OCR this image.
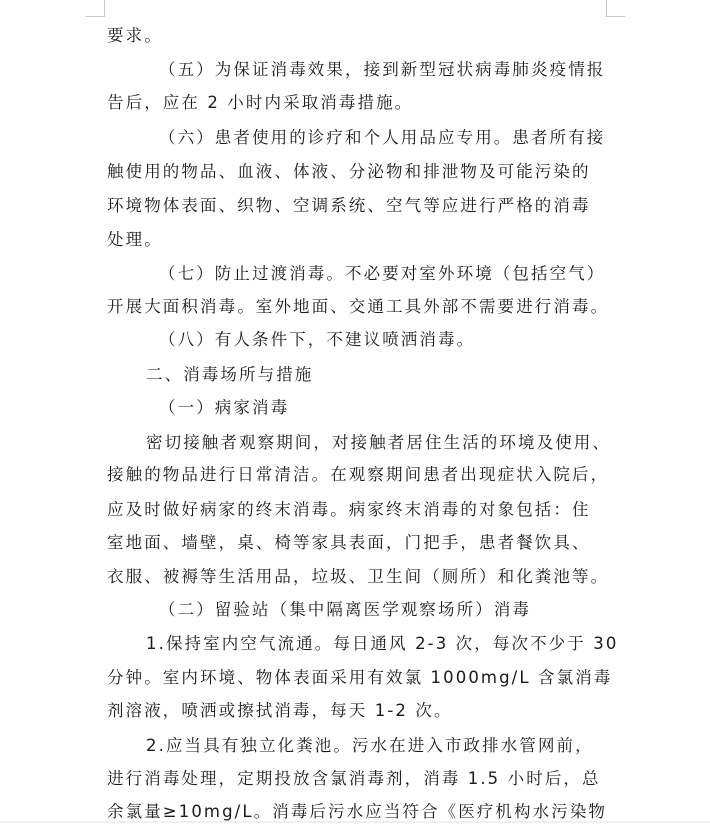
要求。
（五）为保证消毒效果，接到新型冠状病毒肺炎疫情报
告后，应在 2 小时内采取消毒措施。
（六）患者使用的诊疗和个人用品应专用。患者所有接
触使用的物品、血液、体液、分泌物和排泄物及可能污染的
环境物体表面、织物、空调系统、空气等应进行严格的消毒
处理。
（七）防止过渡消毒。不必要对室外环境（包括空气）
开展大面积消毒。室外地面、交通工具外部不需要进行消毒。
（八）有人条件下，不建议喷洒消毒。
二、消毒场所与措施
（一）病家消毒
密切接触者观察期间，对接触者居住生活的环境及使用、
接触的物品进行日常清洁。在观察期间患者出现症状入院后，
应及时做好病家的终末消毒。病家终末消毒的对象包括：住
室地面、墙壁，桌、椅等家具表面，门把手，患者餐饮具、
衣服、被褥等生活用品，垃圾、卫生间（厕所）和化粪池等。
（二）留验站（集中隔离医学观察场所）消毒
1.保持室内空气流通。每日通风 2-3 次，每次不少于 30
分钟。室内环境、物体表面采用有效氯 1000mg/L 含氯消毒
剂溶液，喷洒或擦拭消毒，每天 1-2 次。
2.应当具有独立化粪池。污水在进入市政排水管网前，
进行消毒处理，定期投放含氯消毒剂，消毒 1.5 小时后，总
余氯量≥10mg/L。消毒后污水应当符合《医疗机构水污染物
